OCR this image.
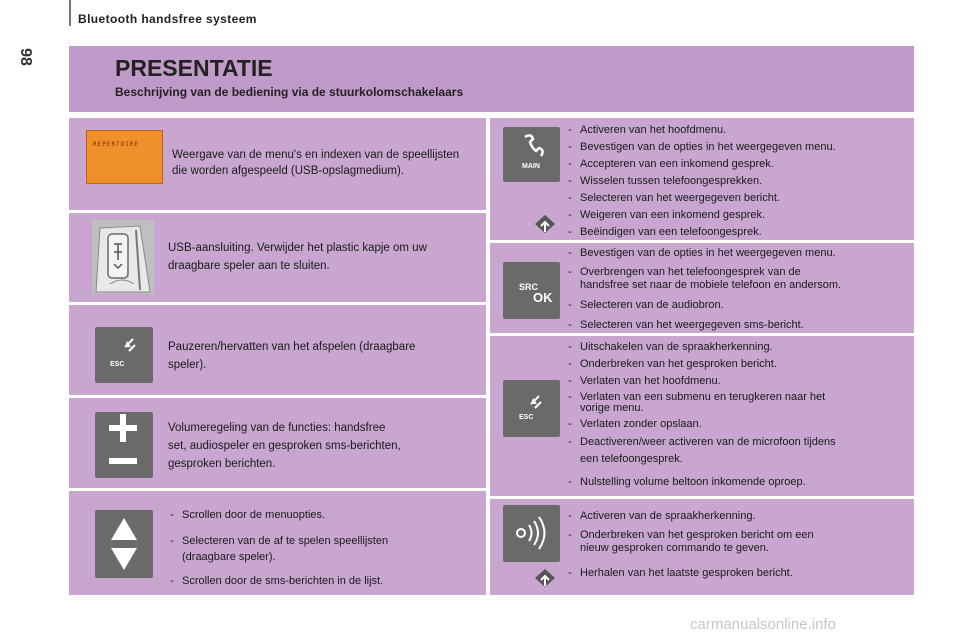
Bluetooth handsfree systeem
98	PRESENTATIE
Beschrijving van de bediening via de stuurkolomschakelaars
REPERTOIRE
Weergave van de menu's en indexen van de speellijsten
die worden afgespeeld (USB-opslagmedium).
USB-aansluiting. Verwijder het plastic kapje om uw
draagbare speler aan te sluiten.
ESC
Pauzeren/hervatten van het afspelen (draagbare
speler).
Volumeregeling van de functies: handsfree
set, audiospeler en gesproken sms-berichten,
gesproken berichten.
- Scrollen door de menuopties.
- Selecteren van de af te spelen speellijsten
(draagbare speler).
- Scrollen door de sms-berichten in de lijst.
MAIN
- Activeren van het hoofdmenu.
- Bevestigen van de opties in het weergegeven menu.
- Accepteren van een inkomend gesprek.
- Wisselen tussen telefoongesprekken.
- Selecteren van het weergegeven bericht.
- Weigeren van een inkomend gesprek.
- Beëindigen van een telefoongesprek.
SRC
OK
- Bevestigen van de opties in het weergegeven menu.
- Overbrengen van het telefoongesprek van de
handsfree set naar de mobiele telefoon en andersom.
- Selecteren van de audiobron.
- Selecteren van het weergegeven sms-bericht.
ESC
- Uitschakelen van de spraakherkenning.
- Onderbreken van het gesproken bericht.
- Verlaten van het hoofdmenu.
- Verlaten van een submenu en terugkeren naar het
vorige menu.
- Verlaten zonder opslaan.
- Deactiveren/weer activeren van de microfoon tijdens
een telefoongesprek.
- Nulstelling volume beltoon inkomende oproep.
- Activeren van de spraakherkenning.
- Onderbreken van het gesproken bericht om een
nieuw gesproken commando te geven.
- Herhalen van het laatste gesproken bericht.
carmanualsonline.info
